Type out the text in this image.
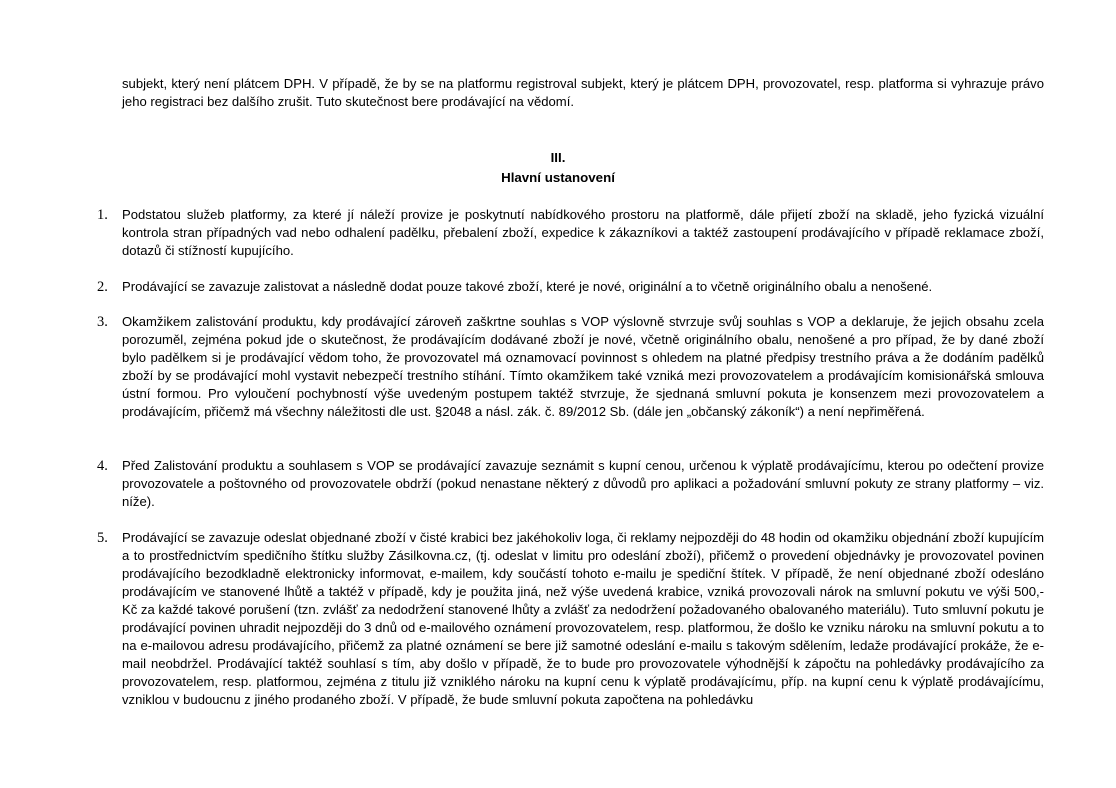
subjekt, který není plátcem DPH. V případě, že by se na platformu registroval subjekt, který je plátcem DPH, provozovatel, resp. platforma si vyhrazuje právo jeho registraci bez dalšího zrušit. Tuto skutečnost bere prodávající na vědomí.

III.

Hlavní ustanovení

1. Podstatou služeb platformy, za které jí náleží provize je poskytnutí nabídkového prostoru na platformě, dále přijetí zboží na skladě, jeho fyzická vizuální kontrola stran případných vad nebo odhalení padělku, přebalení zboží, expedice k zákazníkovi a taktéž zastoupení prodávajícího v případě reklamace zboží, dotazů či stížností kupujícího.

2. Prodávající se zavazuje zalistovat a následně dodat pouze takové zboží, které je nové, originální a to včetně originálního obalu a nenošené.

3. Okamžikem zalistování produktu, kdy prodávající zároveň zaškrtne souhlas s VOP výslovně stvrzuje svůj souhlas s VOP a deklaruje, že jejich obsahu zcela porozuměl, zejména pokud jde o skutečnost, že prodávajícím dodávané zboží je nové, včetně originálního obalu, nenošené a pro případ, že by dané zboží bylo padělkem si je prodávající vědom toho, že provozovatel má oznamovací povinnost s ohledem na platné předpisy trestního práva a že dodáním padělků zboží by se prodávající mohl vystavit nebezpečí trestního stíhání. Tímto okamžikem také vzniká mezi provozovatelem a prodávajícím komisionářská smlouva ústní formou. Pro vyloučení pochybností výše uvedeným postupem taktéž stvrzuje, že sjednaná smluvní pokuta je konsenzem mezi provozovatelem a prodávajícím, přičemž má všechny náležitosti dle ust. §2048 a násl. zák. č. 89/2012 Sb. (dále jen „občanský zákoník“) a není nepřiměřená.

4. Před Zalistování produktu a souhlasem s VOP se prodávající zavazuje seznámit s kupní cenou, určenou k výplatě prodávajícímu, kterou po odečtení provize provozovatele a poštovného od provozovatele obdrží (pokud nenastane některý z důvodů pro aplikaci a požadování smluvní pokuty ze strany platformy – viz. níže).

5. Prodávající se zavazuje odeslat objednané zboží v čisté krabici bez jakéhokoliv loga, či reklamy nejpozději do 48 hodin od okamžiku objednání zboží kupujícím a to prostřednictvím spedičního štítku služby Zásilkovna.cz, (tj. odeslat v limitu pro odeslání zboží), přičemž o provedení objednávky je provozovatel povinen prodávajícího bezodkladně elektronicky informovat, e-mailem, kdy součástí tohoto e-mailu je spediční štítek. V případě, že není objednané zboží odesláno prodávajícím ve stanovené lhůtě a taktéž v případě, kdy je použita jiná, než výše uvedená krabice, vzniká provozovali nárok na smluvní pokutu ve výši 500,- Kč za každé takové porušení (tzn. zvlášť za nedodržení stanovené lhůty a zvlášť za nedodržení požadovaného obalovaného materiálu). Tuto smluvní pokutu je prodávající povinen uhradit nejpozději do 3 dnů od e-mailového oznámení provozovatelem, resp. platformou, že došlo ke vzniku nároku na smluvní pokutu a to na e-mailovou adresu prodávajícího, přičemž za platné oznámení se bere již samotné odeslání e-mailu s takovým sdělením, ledaže prodávající prokáže, že e-mail neobdržel. Prodávající taktéž souhlasí s tím, aby došlo v případě, že to bude pro provozovatele výhodnější k zápočtu na pohledávky prodávajícího za provozovatelem, resp. platformou, zejména z titulu již vzniklého nároku na kupní cenu k výplatě prodávajícímu, příp. na kupní cenu k výplatě prodávajícímu, vzniklou v budoucnu z jiného prodaného zboží. V případě, že bude smluvní pokuta započtena na pohledávku
